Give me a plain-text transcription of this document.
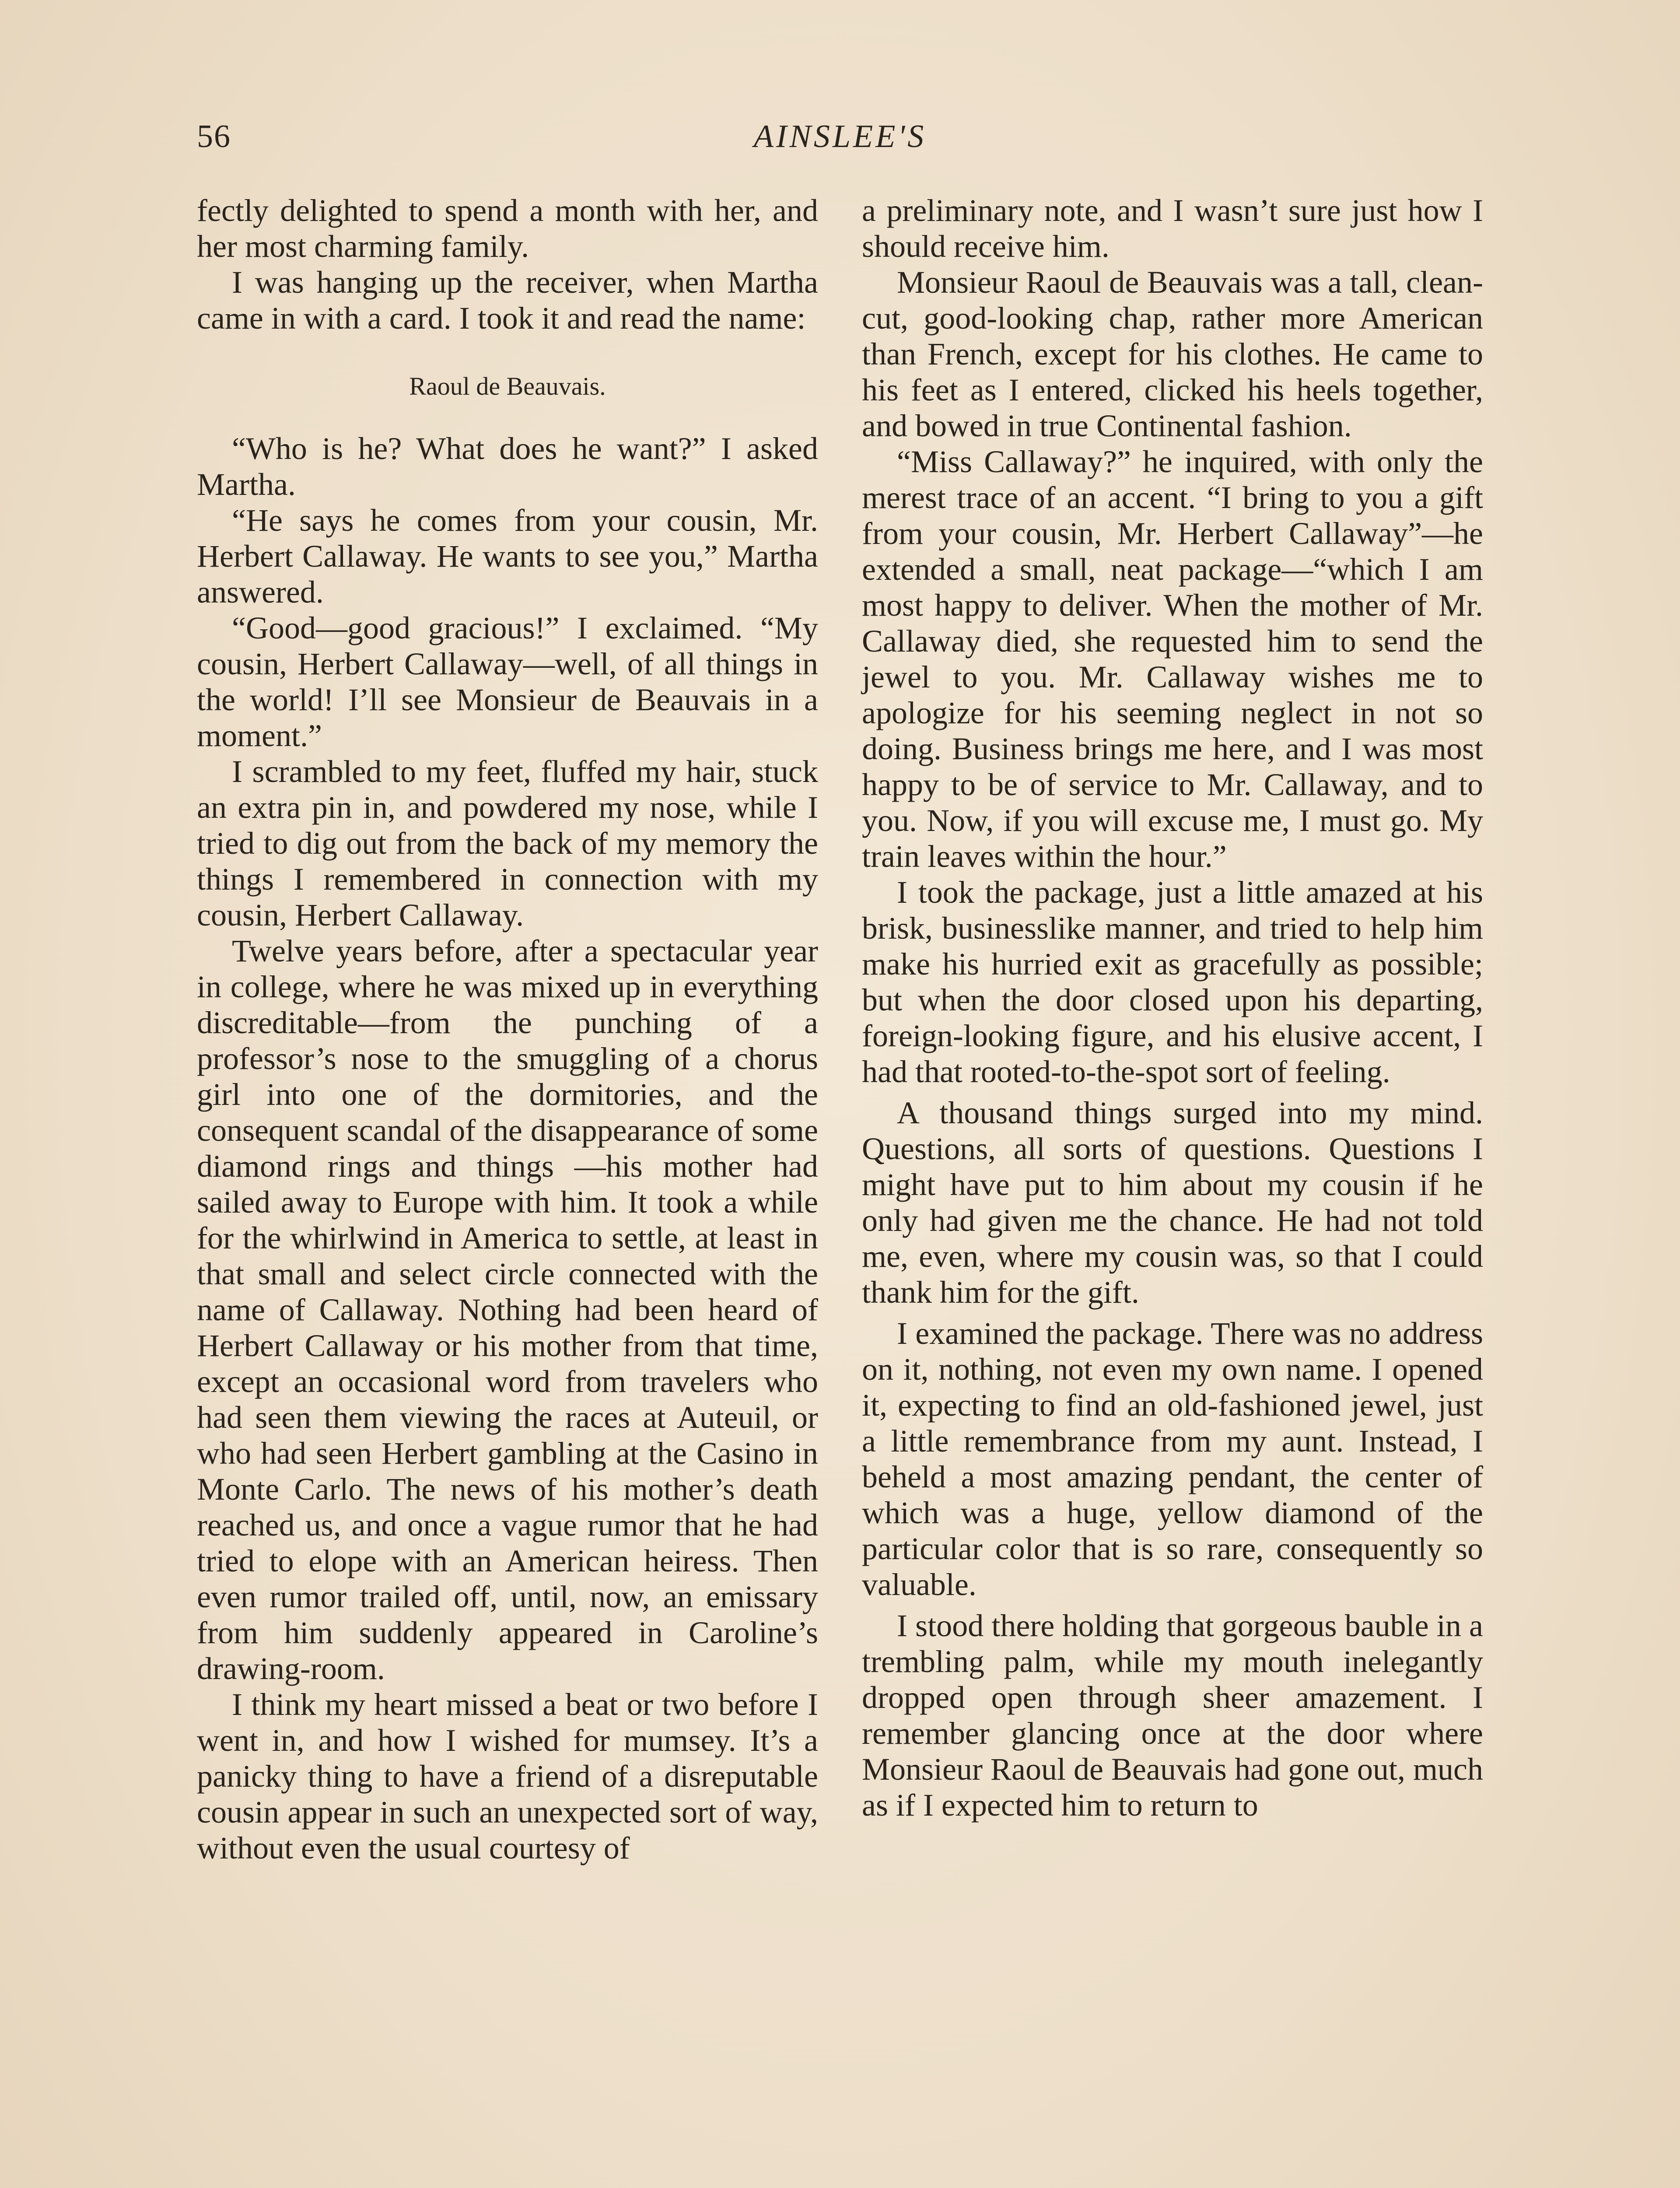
56	AINSLEE'S

fectly delighted to spend a month with her, and her most charming family.

I was hanging up the receiver, when Martha came in with a card. I took it and read the name:

Raoul de Beauvais.

“Who is he? What does he want?” I asked Martha.

“He says he comes from your cousin, Mr. Herbert Callaway. He wants to see you,” Martha answered.

“Good—good gracious!” I exclaimed. “My cousin, Herbert Callaway—well, of all things in the world! I’ll see Monsieur de Beauvais in a moment.”

I scrambled to my feet, fluffed my hair, stuck an extra pin in, and powdered my nose, while I tried to dig out from the back of my memory the things I remembered in connection with my cousin, Herbert Callaway.

Twelve years before, after a spectacular year in college, where he was mixed up in everything discreditable—from the punching of a professor’s nose to the smuggling of a chorus girl into one of the dormitories, and the consequent scandal of the disappearance of some diamond rings and things —his mother had sailed away to Europe with him. It took a while for the whirlwind in America to settle, at least in that small and select circle connected with the name of Callaway. Nothing had been heard of Herbert Callaway or his mother from that time, except an occasional word from travelers who had seen them viewing the races at Auteuil, or who had seen Herbert gambling at the Casino in Monte Carlo. The news of his mother’s death reached us, and once a vague rumor that he had tried to elope with an American heiress. Then even rumor trailed off, until, now, an emissary from him suddenly appeared in Caroline’s drawing-room.

I think my heart missed a beat or two before I went in, and how I wished for mumsey. It’s a panicky thing to have a friend of a disreputable cousin appear in such an unexpected sort of way, without even the usual courtesy of

a preliminary note, and I wasn’t sure just how I should receive him.

Monsieur Raoul de Beauvais was a tall, clean-cut, good-looking chap, rather more American than French, except for his clothes. He came to his feet as I entered, clicked his heels together, and bowed in true Continental fashion.

“Miss Callaway?” he inquired, with only the merest trace of an accent. “I bring to you a gift from your cousin, Mr. Herbert Callaway”—he extended a small, neat package—“which I am most happy to deliver. When the mother of Mr. Callaway died, she requested him to send the jewel to you. Mr. Callaway wishes me to apologize for his seeming neglect in not so doing. Business brings me here, and I was most happy to be of service to Mr. Callaway, and to you. Now, if you will excuse me, I must go. My train leaves within the hour.”

I took the package, just a little amazed at his brisk, businesslike manner, and tried to help him make his hurried exit as gracefully as possible; but when the door closed upon his departing, foreign-looking figure, and his elusive accent, I had that rooted-to-the-spot sort of feeling.

A thousand things surged into my mind. Questions, all sorts of questions. Questions I might have put to him about my cousin if he only had given me the chance. He had not told me, even, where my cousin was, so that I could thank him for the gift.

I examined the package. There was no address on it, nothing, not even my own name. I opened it, expecting to find an old-fashioned jewel, just a little remembrance from my aunt. Instead, I beheld a most amazing pendant, the center of which was a huge, yellow diamond of the particular color that is so rare, consequently so valuable.

I stood there holding that gorgeous bauble in a trembling palm, while my mouth inelegantly dropped open through sheer amazement. I remember glancing once at the door where Monsieur Raoul de Beauvais had gone out, much as if I expected him to return to
